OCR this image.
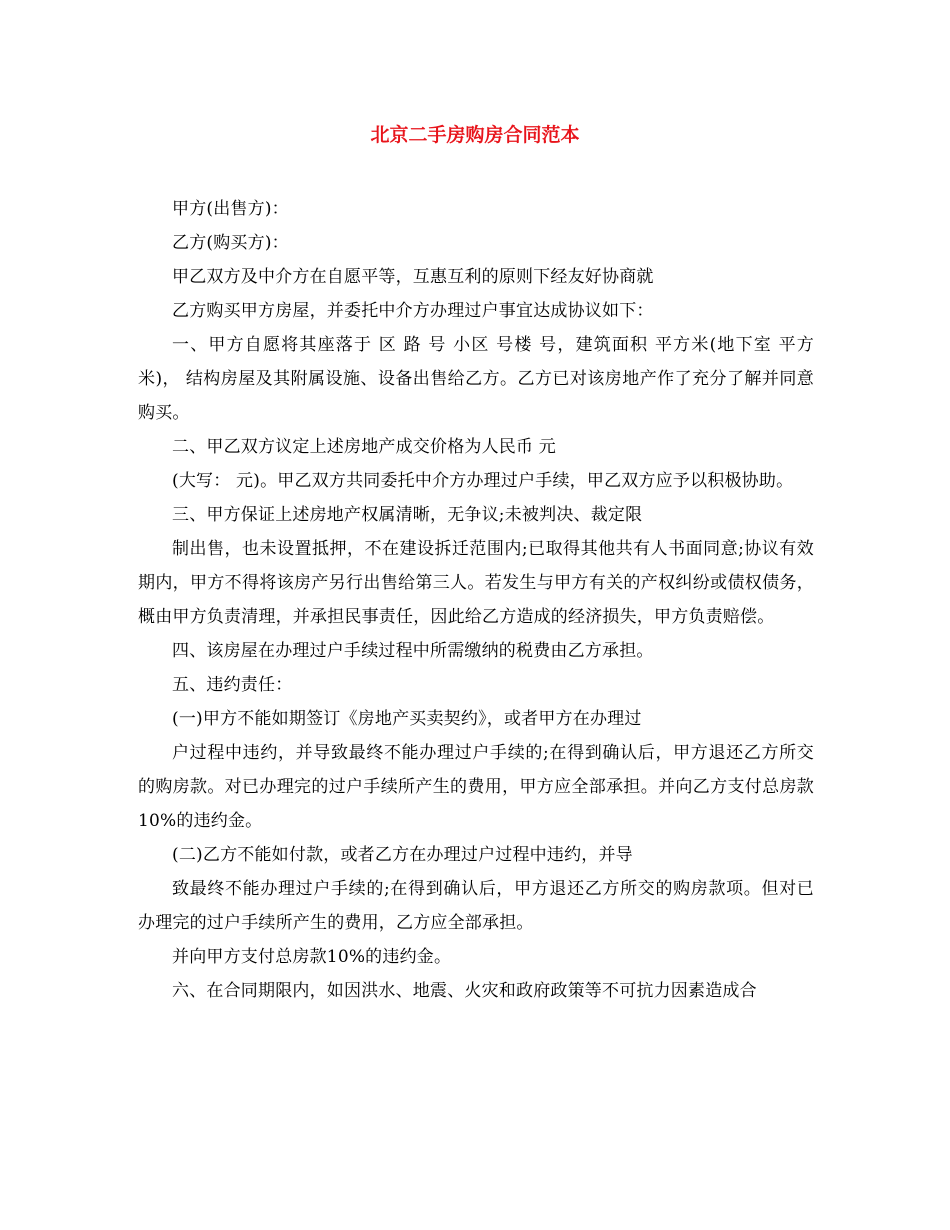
北京二手房购房合同范本

甲方(出售方)：

乙方(购买方)：

甲乙双方及中介方在自愿平等，互惠互利的原则下经友好协商就

乙方购买甲方房屋，并委托中介方办理过户事宜达成协议如下：

一、甲方自愿将其座落于 区 路 号 小区 号楼 号，建筑面积 平方米(地下室 平方米)， 结构房屋及其附属设施、设备出售给乙方。乙方已对该房地产作了充分了解并同意购买。

二、甲乙双方议定上述房地产成交价格为人民币 元

(大写： 元)。甲乙双方共同委托中介方办理过户手续，甲乙双方应予以积极协助。

三、甲方保证上述房地产权属清晰，无争议;未被判决、裁定限

制出售，也未设置抵押，不在建设拆迁范围内;已取得其他共有人书面同意;协议有效期内，甲方不得将该房产另行出售给第三人。若发生与甲方有关的产权纠纷或债权债务，概由甲方负责清理，并承担民事责任，因此给乙方造成的经济损失，甲方负责赔偿。

四、该房屋在办理过户手续过程中所需缴纳的税费由乙方承担。

五、违约责任：

(一)甲方不能如期签订《房地产买卖契约》，或者甲方在办理过

户过程中违约，并导致最终不能办理过户手续的;在得到确认后，甲方退还乙方所交的购房款。对已办理完的过户手续所产生的费用，甲方应全部承担。并向乙方支付总房款10%的违约金。

(二)乙方不能如付款，或者乙方在办理过户过程中违约，并导

致最终不能办理过户手续的;在得到确认后，甲方退还乙方所交的购房款项。但对已办理完的过户手续所产生的费用，乙方应全部承担。

并向甲方支付总房款10%的违约金。

六、在合同期限内，如因洪水、地震、火灾和政府政策等不可抗力因素造成合
